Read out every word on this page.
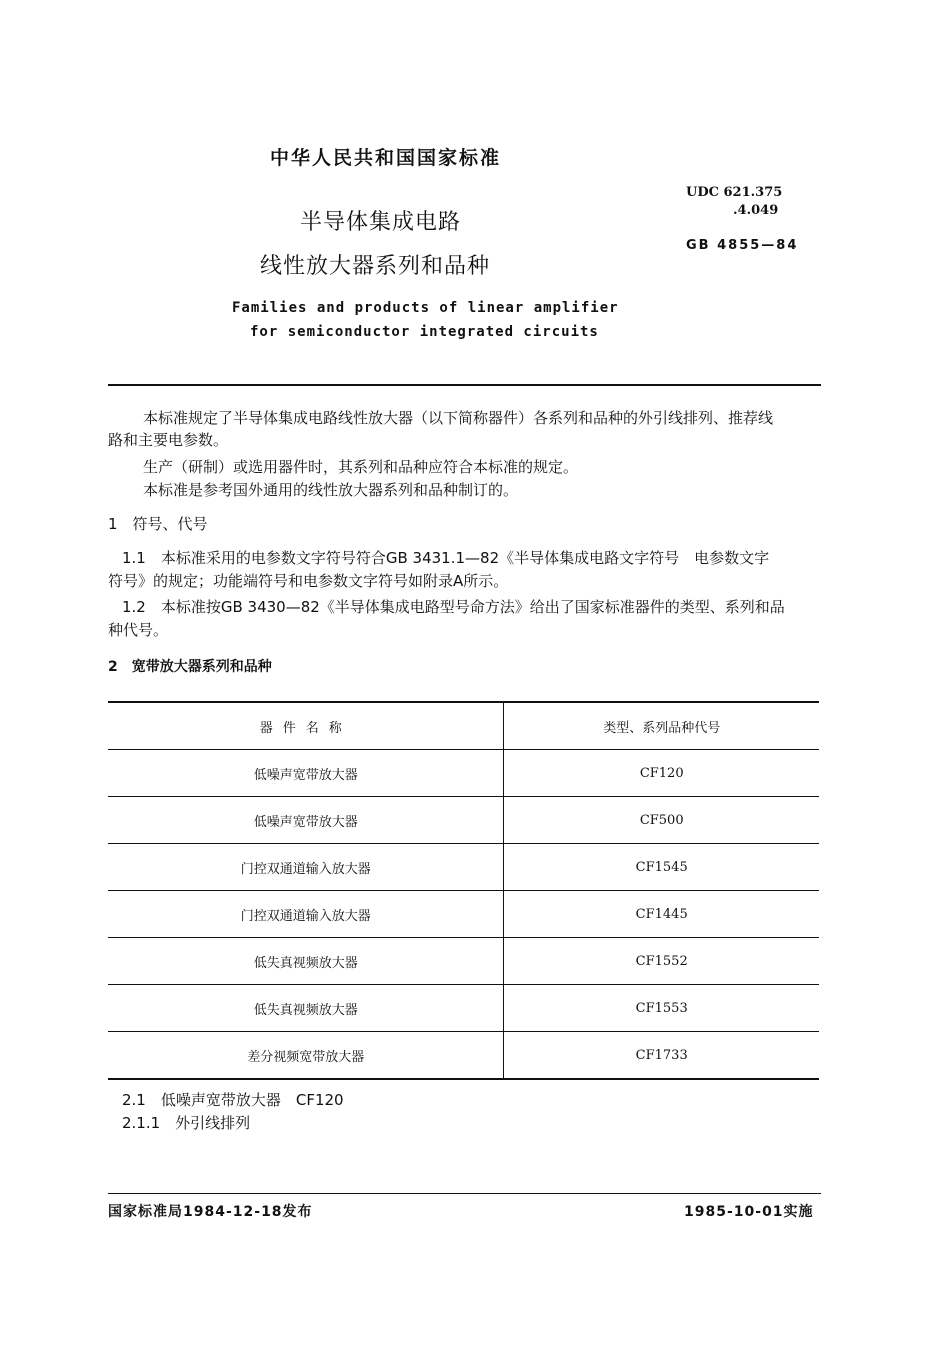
中华人民共和国国家标准
半导体集成电路
线性放大器系列和品种
Families and products of linear amplifier
for semiconductor integrated circuits
UDC 621.375
.4.049
GB 4855—84
本标准规定了半导体集成电路线性放大器（以下简称器件）各系列和品种的外引线排列、推荐线
路和主要电参数。
生产（研制）或选用器件时，其系列和品种应符合本标准的规定。
本标准是参考国外通用的线性放大器系列和品种制订的。
1　符号、代号
1.1　本标准采用的电参数文字符号符合GB 3431.1—82《半导体集成电路文字符号　电参数文字
符号》的规定；功能端符号和电参数文字符号如附录A所示。
1.2　本标准按GB 3430—82《半导体集成电路型号命方法》给出了国家标准器件的类型、系列和品
种代号。
2　宽带放大器系列和品种
器件名称	类型、系列品种代号
低噪声宽带放大器	CF120
低噪声宽带放大器	CF500
门控双通道输入放大器	CF1545
门控双通道输入放大器	CF1445
低失真视频放大器	CF1552
低失真视频放大器	CF1553
差分视频宽带放大器	CF1733
2.1　低噪声宽带放大器　CF120
2.1.1　外引线排列
国家标准局1984-12-18发布	1985-10-01实施
